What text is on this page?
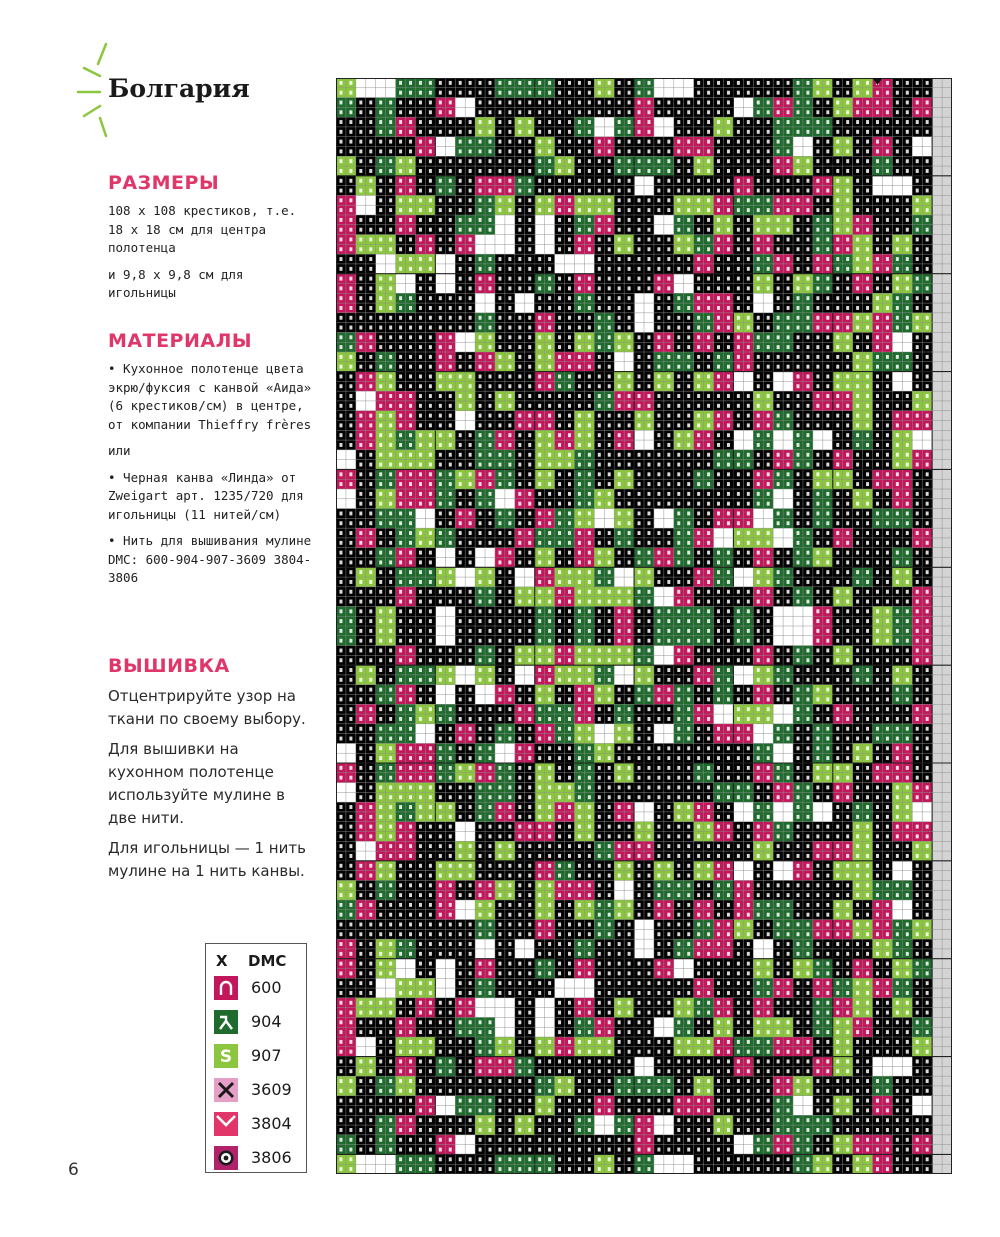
Болгария
РАЗМЕРЫ

108 х 108 крестиков, т.е. 18 х 18 см для центра полотенца

и 9,8 х 9,8 см для игольницы

МАТЕРИАЛЫ

• Кухонное полотенце цвета экрю/фуксия с канвой «Аида» (6 крестиков/см) в центре, от компании Thieffry frères

или

• Черная канва «Линда» от Zweigart арт. 1235/720 для игольницы (11 нитей/см)

• Нить для вышивания мулине DMC: 600-904-907-3609 3804-3806

ВЫШИВКА

Отцентрируйте узор на ткани по своему выбору.

Для вышивки на кухонном полотенце используйте мулине в две нити.

Для игольницы — 1 нить мулине на 1 нить канвы.

X DMC
600
904
S 907
3609
3804
3806
6
